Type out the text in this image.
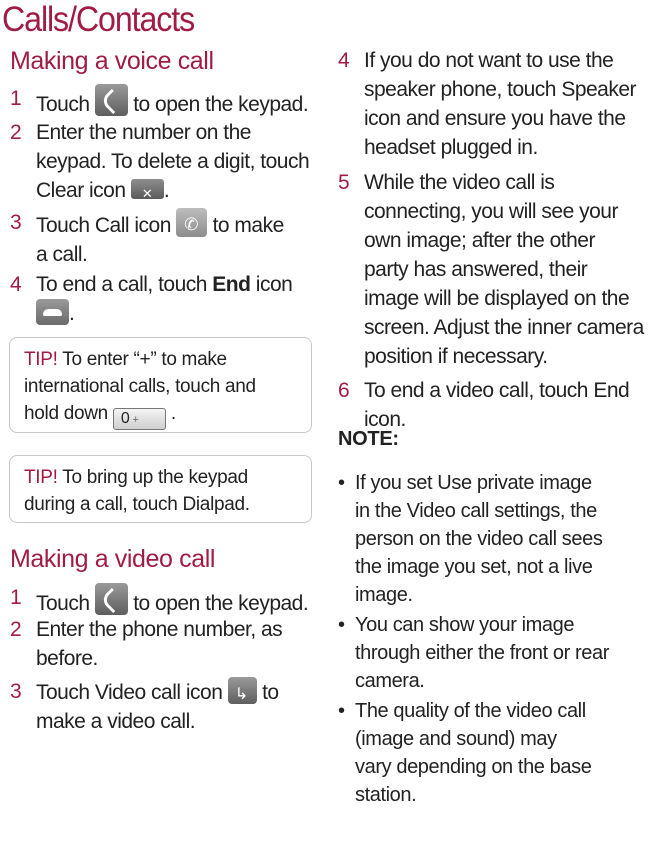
Calls/Contacts
Making a voice call
1 Touch  to open the keypad.
2 Enter the number on the
keypad. To delete a digit, touch
Clear icon ✕.
3 Touch Call icon ✆ to make
a call.
4 To end a call, touch End icon
.
TIP! To enter “+” to make
international calls, touch and
hold down 0 + .
TIP! To bring up the keypad
during a call, touch Dialpad.
Making a video call
1 Touch  to open the keypad.
2 Enter the phone number, as
before.
3 Touch Video call icon ↳ to
make a video call.
4 If you do not want to use the
speaker phone, touch Speaker
icon and ensure you have the
headset plugged in.
5 While the video call is
connecting, you will see your
own image; after the other
party has answered, their
image will be displayed on the
screen. Adjust the inner camera
position if necessary.
6 To end a video call, touch End
icon.
NOTE:
• If you set Use private image
in the Video call settings, the
person on the video call sees
the image you set, not a live
image.
• You can show your image
through either the front or rear
camera.
• The quality of the video call
(image and sound) may
vary depending on the base
station.
